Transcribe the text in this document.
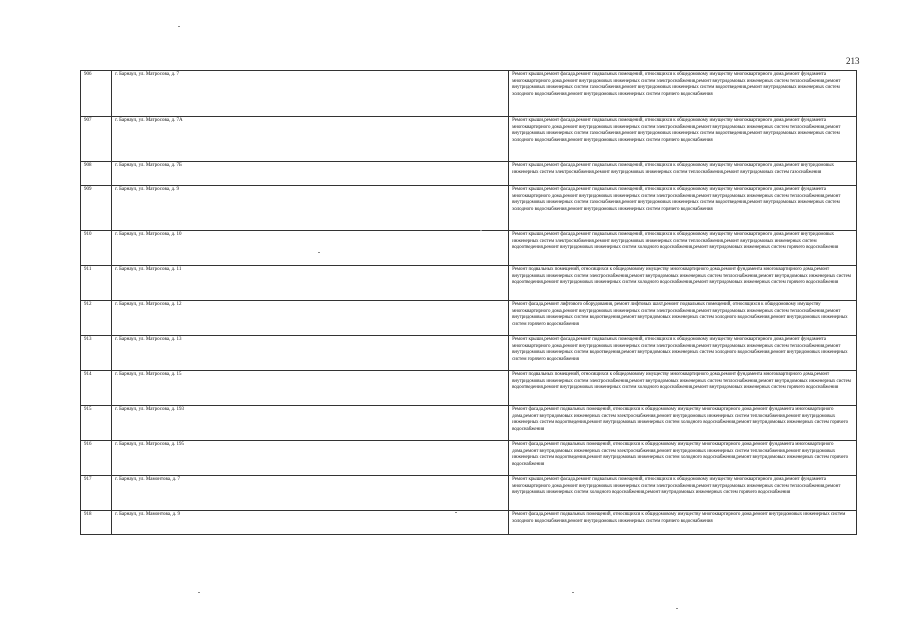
213
906	г. Барнаул, ул. Матросова, д. 7	Ремонт крыши,ремонт фасада,ремонт подвальных помещений, относящихся к общедомовому имуществу многоквартирного дома,ремонт фундамента многоквартирного дома,ремонт внутридомовых инженерных систем электроснабжения,ремонт внутридомовых инженерных систем теплоснабжения,ремонт внутридомовых инженерных систем газоснабжения,ремонт внутридомовых инженерных систем водоотведения,ремонт внутридомовых инженерных систем холодного водоснабжения,ремонт внутридомовых инженерных систем горячего водоснабжения
907	г. Барнаул, ул. Матросова, д. 7А	Ремонт крыши,ремонт фасада,ремонт подвальных помещений, относящихся к общедомовому имуществу многоквартирного дома,ремонт фундамента многоквартирного дома,ремонт внутридомовых инженерных систем электроснабжения,ремонт внутридомовых инженерных систем теплоснабжения,ремонт внутридомовых инженерных систем газоснабжения,ремонт внутридомовых инженерных систем водоотведения,ремонт внутридомовых инженерных систем холодного водоснабжения,ремонт внутридомовых инженерных систем горячего водоснабжения
908	г. Барнаул, ул. Матросова, д. 7Б	Ремонт крыши,ремонт фасада,ремонт подвальных помещений, относящихся к общедомовому имуществу многоквартирного дома,ремонт внутридомовых инженерных систем электроснабжения,ремонт внутридомовых инженерных систем теплоснабжения,ремонт внутридомовых систем газоснабжения
909	г. Барнаул, ул. Матросова, д. 9	Ремонт крыши,ремонт фасада,ремонт подвальных помещений, относящихся к общедомовому имуществу многоквартирного дома,ремонт фундамента многоквартирного дома,ремонт внутридомовых инженерных систем электроснабжения,ремонт внутридомовых инженерных систем теплоснабжения,ремонт внутридомовых инженерных систем газоснабжения,ремонт внутридомовых инженерных систем водоотведения,ремонт внутридомовых инженерных систем холодного водоснабжения,ремонт внутридомовых инженерных систем горячего водоснабжения
910	г. Барнаул, ул. Матросова, д. 10	Ремонт крыши,ремонт фасада,ремонт подвальных помещений, относящихся к общедомовому имуществу многоквартирного дома,ремонт внутридомовых инженерных систем электроснабжения,ремонт внутридомовых инженерных систем теплоснабжения,ремонт внутридомовых инженерных систем водоотведения,ремонт внутридомовых инженерных систем холодного водоснабжения,ремонт внутридомовых инженерных систем горячего водоснабжения
911	г. Барнаул, ул. Матросова, д. 11	Ремонт подвальных помещений, относящихся к общедомовому имуществу многоквартирного дома,ремонт фундамента многоквартирного дома,ремонт внутридомовых инженерных систем электроснабжения,ремонт внутридомовых инженерных систем теплоснабжения,ремонт внутридомовых инженерных систем водоотведения,ремонт внутридомовых инженерных систем холодного водоснабжения,ремонт внутридомовых инженерных систем горячего водоснабжения
912	г. Барнаул, ул. Матросова, д. 12	Ремонт фасада,ремонт лифтового оборудования, ремонт лифтовых шахт,ремонт подвальных помещений, относящихся к общедомовому имуществу многоквартирного дома,ремонт внутридомовых инженерных систем электроснабжения,ремонт внутридомовых инженерных систем теплоснабжения,ремонт внутридомовых инженерных систем водоотведения,ремонт внутридомовых инженерных систем холодного водоснабжения,ремонт внутридомовых инженерных систем горячего водоснабжения
913	г. Барнаул, ул. Матросова, д. 13	Ремонт крыши,ремонт фасада,ремонт подвальных помещений, относящихся к общедомовому имуществу многоквартирного дома,ремонт фундамента многоквартирного дома,ремонт внутридомовых инженерных систем электроснабжения,ремонт внутридомовых инженерных систем теплоснабжения,ремонт внутридомовых инженерных систем водоотведения,ремонт внутридомовых инженерных систем холодного водоснабжения,ремонт внутридомовых инженерных систем горячего водоснабжения
914	г. Барнаул, ул. Матросова, д. 15	Ремонт подвальных помещений, относящихся к общедомовому имуществу многоквартирного дома,ремонт фундамента многоквартирного дома,ремонт внутридомовых инженерных систем электроснабжения,ремонт внутридомовых инженерных систем теплоснабжения,ремонт внутридомовых инженерных систем водоотведения,ремонт внутридомовых инженерных систем холодного водоснабжения,ремонт внутридомовых инженерных систем горячего водоснабжения
915	г. Барнаул, ул. Матросова, д. 193	Ремонт фасада,ремонт подвальных помещений, относящихся к общедомовому имуществу многоквартирного дома,ремонт фундамента многоквартирного дома,ремонт внутридомовых инженерных систем электроснабжения,ремонт внутридомовых инженерных систем теплоснабжения,ремонт внутридомовых инженерных систем водоотведения,ремонт внутридомовых инженерных систем холодного водоснабжения,ремонт внутридомовых инженерных систем горячего водоснабжения
916	г. Барнаул, ул. Матросова, д. 195	Ремонт фасада,ремонт подвальных помещений, относящихся к общедомовому имуществу многоквартирного дома,ремонт фундамента многоквартирного дома,ремонт внутридомовых инженерных систем электроснабжения,ремонт внутридомовых инженерных систем теплоснабжения,ремонт внутридомовых инженерных систем водоотведения,ремонт внутридомовых инженерных систем холодного водоснабжения,ремонт внутридомовых инженерных систем горячего водоснабжения
917	г. Барнаул, ул. Мамонтова, д. 7	Ремонт крыши,ремонт фасада,ремонт подвальных помещений, относящихся к общедомовому имуществу многоквартирного дома,ремонт фундамента многоквартирного дома,ремонт внутридомовых инженерных систем электроснабжения,ремонт внутридомовых инженерных систем теплоснабжения,ремонт внутридомовых инженерных систем холодного водоснабжения,ремонт внутридомовых инженерных систем горячего водоснабжения
918	г. Барнаул, ул. Мамонтова, д. 9	Ремонт фасада,ремонт подвальных помещений, относящихся к общедомовому имуществу многоквартирного дома,ремонт внутридомовых инженерных систем холодного водоснабжения,ремонт внутридомовых инженерных систем горячего водоснабжения
